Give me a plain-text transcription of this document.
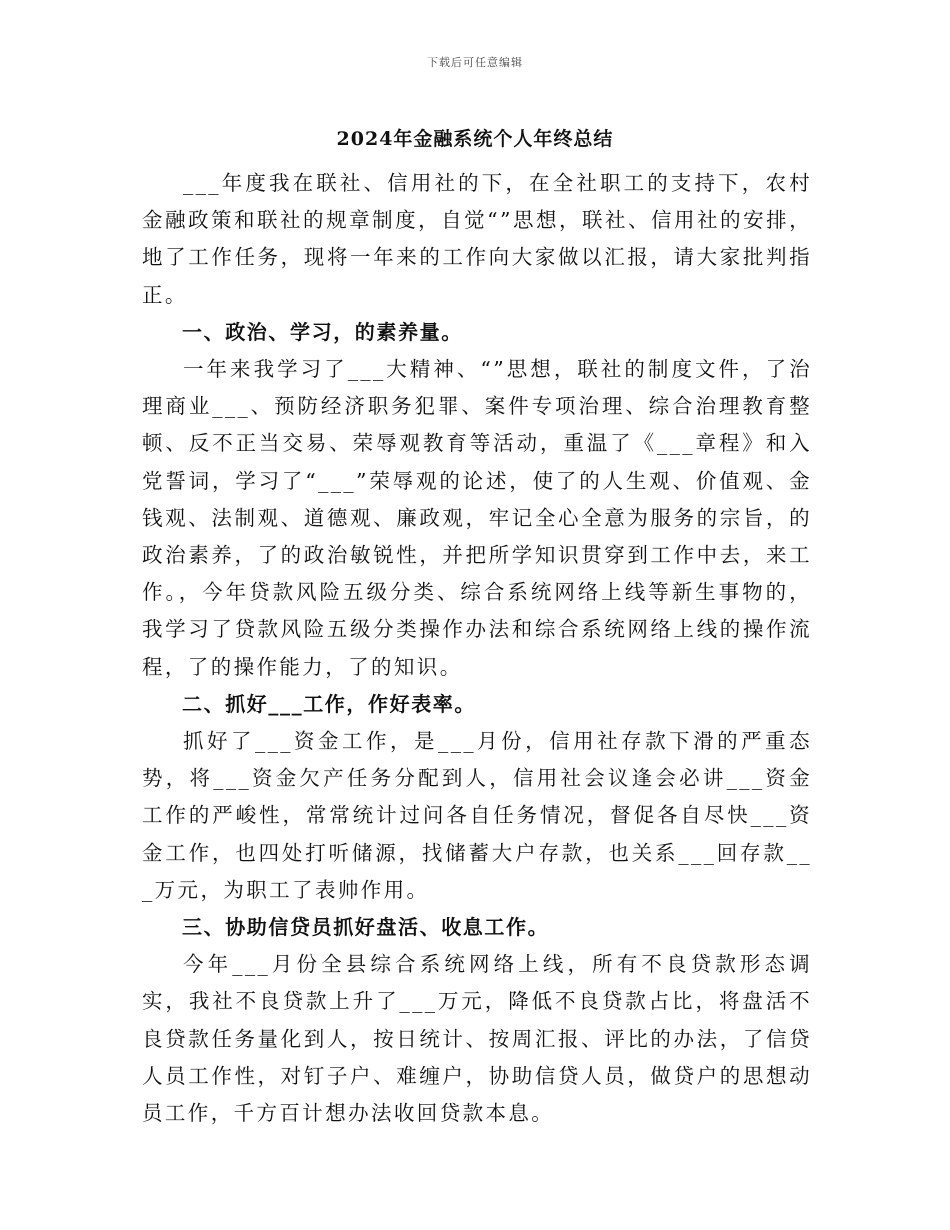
下载后可任意编辑
2024年金融系统个人年终总结

___年度我在联社、信用社的下，在全社职工的支持下，农村金融政策和联社的规章制度，自觉“”思想，联社、信用社的安排，地了工作任务，现将一年来的工作向大家做以汇报，请大家批判指正。

一、政治、学习，的素养量。

一年来我学习了___大精神、“”思想，联社的制度文件，了治理商业___、预防经济职务犯罪、案件专项治理、综合治理教育整顿、反不正当交易、荣辱观教育等活动，重温了《___章程》和入党誓词，学习了“___”荣辱观的论述，使了的人生观、价值观、金钱观、法制观、道德观、廉政观，牢记全心全意为服务的宗旨，的政治素养，了的政治敏锐性，并把所学知识贯穿到工作中去，来工作。，今年贷款风险五级分类、综合系统网络上线等新生事物的，我学习了贷款风险五级分类操作办法和综合系统网络上线的操作流程，了的操作能力，了的知识。

二、抓好___工作，作好表率。

抓好了___资金工作，是___月份，信用社存款下滑的严重态势，将___资金欠产任务分配到人，信用社会议逢会必讲___资金工作的严峻性，常常统计过问各自任务情况，督促各自尽快___资金工作，也四处打听储源，找储蓄大户存款，也关系___回存款___万元，为职工了表帅作用。

三、协助信贷员抓好盘活、收息工作。

今年___月份全县综合系统网络上线，所有不良贷款形态调实，我社不良贷款上升了___万元，降低不良贷款占比，将盘活不良贷款任务量化到人，按日统计、按周汇报、评比的办法，了信贷人员工作性，对钉子户、难缠户，协助信贷人员，做贷户的思想动员工作，千方百计想办法收回贷款本息。
